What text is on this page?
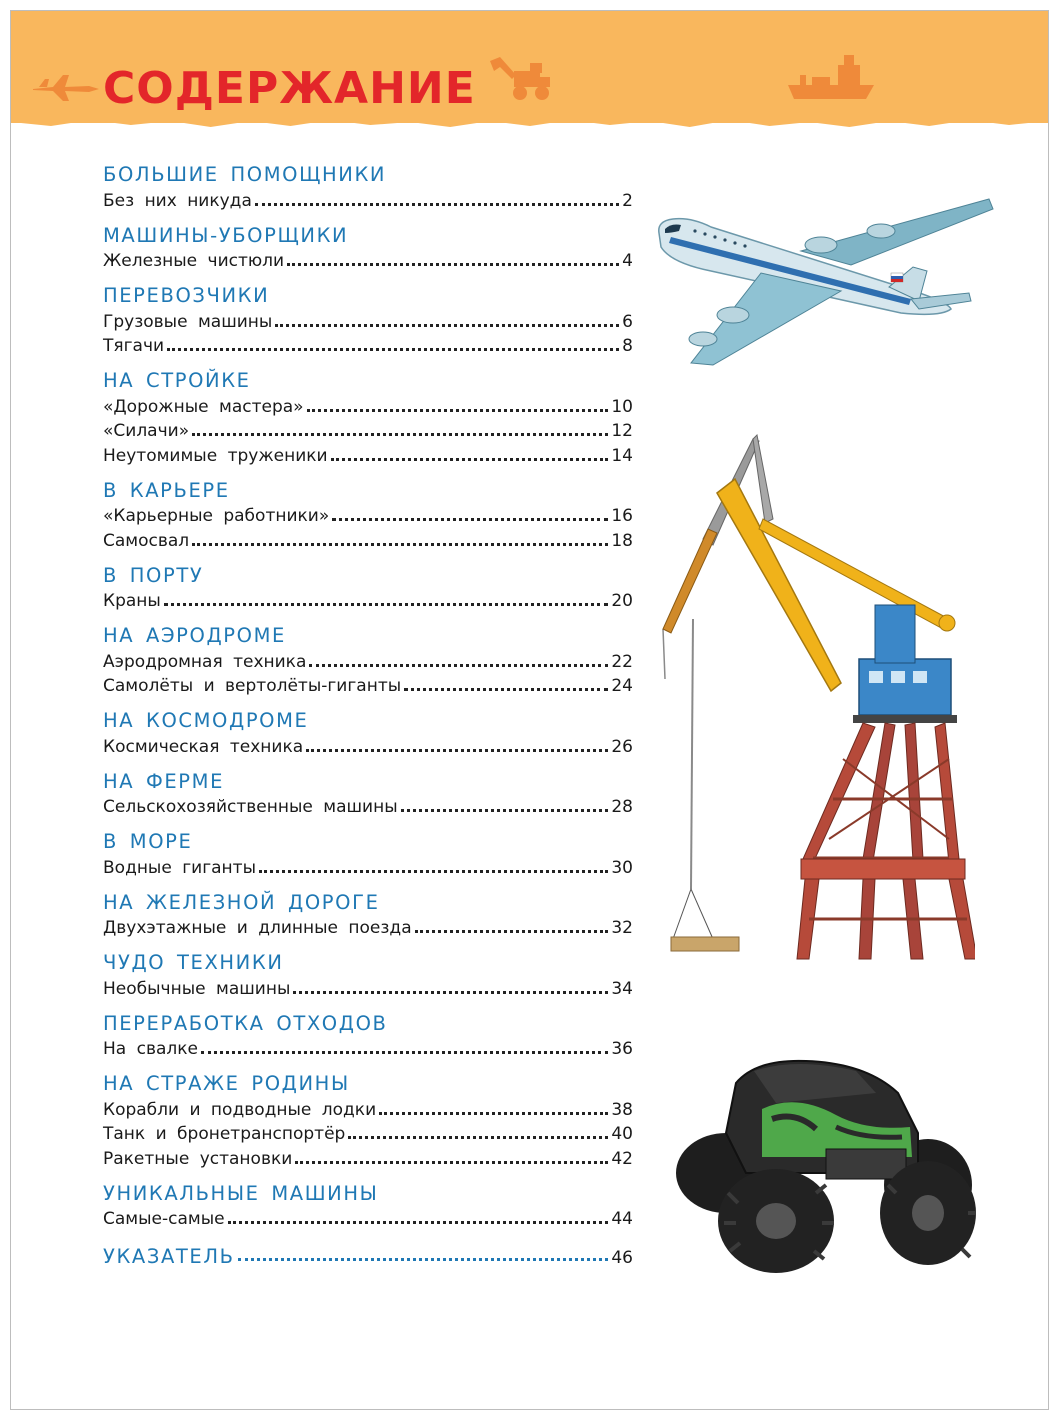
СОДЕРЖАНИЕ
БОЛЬШИЕ ПОМОЩНИКИ
Без них никуда	2
МАШИНЫ-УБОРЩИКИ
Железные чистюли	4
ПЕРЕВОЗЧИКИ
Грузовые машины	6
Тягачи	8
НА СТРОЙКЕ
«Дорожные мастера»	10
«Силачи»	12
Неутомимые труженики	14
В КАРЬЕРЕ
«Карьерные работники»	16
Самосвал	18
В ПОРТУ
Краны	20
НА АЭРОДРОМЕ
Аэродромная техника	22
Самолёты и вертолёты-гиганты	24
НА КОСМОДРОМЕ
Космическая техника	26
НА ФЕРМЕ
Сельскохозяйственные машины	28
В МОРЕ
Водные гиганты	30
НА ЖЕЛЕЗНОЙ ДОРОГЕ
Двухэтажные и длинные поезда	32
ЧУДО ТЕХНИКИ
Необычные машины	34
ПЕРЕРАБОТКА ОТХОДОВ
На свалке	36
НА СТРАЖЕ РОДИНЫ
Корабли и подводные лодки	38
Танк и бронетранспортёр	40
Ракетные установки	42
УНИКАЛЬНЫЕ МАШИНЫ
Самые-самые	44
УКАЗАТЕЛЬ	46
